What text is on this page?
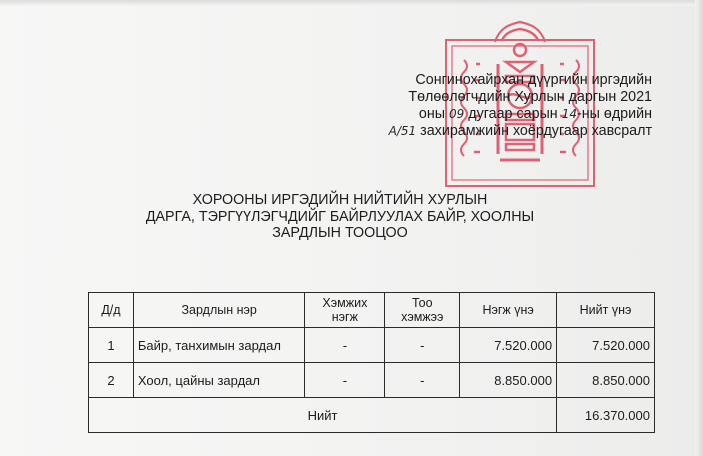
Сонгинохайрхан дүүргийн иргэдийн
Төлөөлөгчдийн Хурлын даргын 2021
оны 09 дугаар сарын 14-ны өдрийн
А/51 захирамжийн хоёрдугаар хавсралт
ХОРООНЫ ИРГЭДИЙН НИЙТИЙН ХУРЛЫН
ДАРГА, ТЭРГҮҮЛЭГЧДИЙГ БАЙРЛУУЛАХ БАЙР, ХООЛНЫ
ЗАРДЛЫН ТООЦОО
Д/д	Зардлын нэр	Хэмжих нэгж	Тоо хэмжээ	Нэгж үнэ	Нийт үнэ
1	Байр, танхимын зардал	-	-	7.520.000	7.520.000
2	Хоол, цайны зардал	-	-	8.850.000	8.850.000
Нийт					16.370.000
